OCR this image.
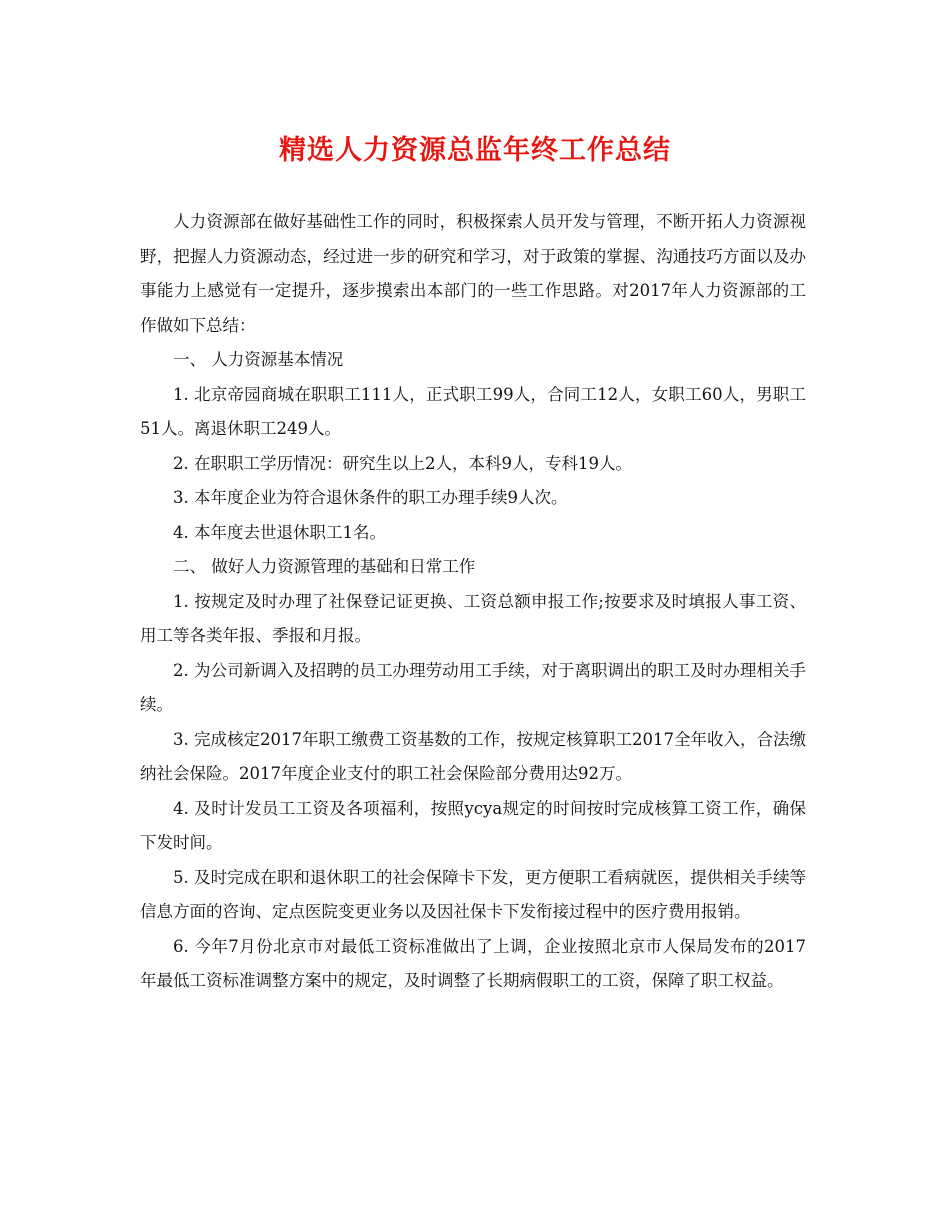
精选人力资源总监年终工作总结

人力资源部在做好基础性工作的同时，积极探索人员开发与管理，不断开拓人力资源视野，把握人力资源动态，经过进一步的研究和学习，对于政策的掌握、沟通技巧方面以及办事能力上感觉有一定提升，逐步摸索出本部门的一些工作思路。对2017年人力资源部的工作做如下总结：

一、 人力资源基本情况

1. 北京帝园商城在职职工111人，正式职工99人，合同工12人，女职工60人，男职工51人。离退休职工249人。

2. 在职职工学历情况：研究生以上2人，本科9人，专科19人。

3. 本年度企业为符合退休条件的职工办理手续9人次。

4. 本年度去世退休职工1名。

二、 做好人力资源管理的基础和日常工作

1. 按规定及时办理了社保登记证更换、工资总额申报工作;按要求及时填报人事工资、用工等各类年报、季报和月报。

2. 为公司新调入及招聘的员工办理劳动用工手续，对于离职调出的职工及时办理相关手续。

3. 完成核定2017年职工缴费工资基数的工作，按规定核算职工2017全年收入，合法缴纳社会保险。2017年度企业支付的职工社会保险部分费用达92万。

4. 及时计发员工工资及各项福利，按照ycya规定的时间按时完成核算工资工作，确保下发时间。

5. 及时完成在职和退休职工的社会保障卡下发，更方便职工看病就医，提供相关手续等信息方面的咨询、定点医院变更业务以及因社保卡下发衔接过程中的医疗费用报销。

6. 今年7月份北京市对最低工资标准做出了上调，企业按照北京市人保局发布的2017年最低工资标准调整方案中的规定，及时调整了长期病假职工的工资，保障了职工权益。
